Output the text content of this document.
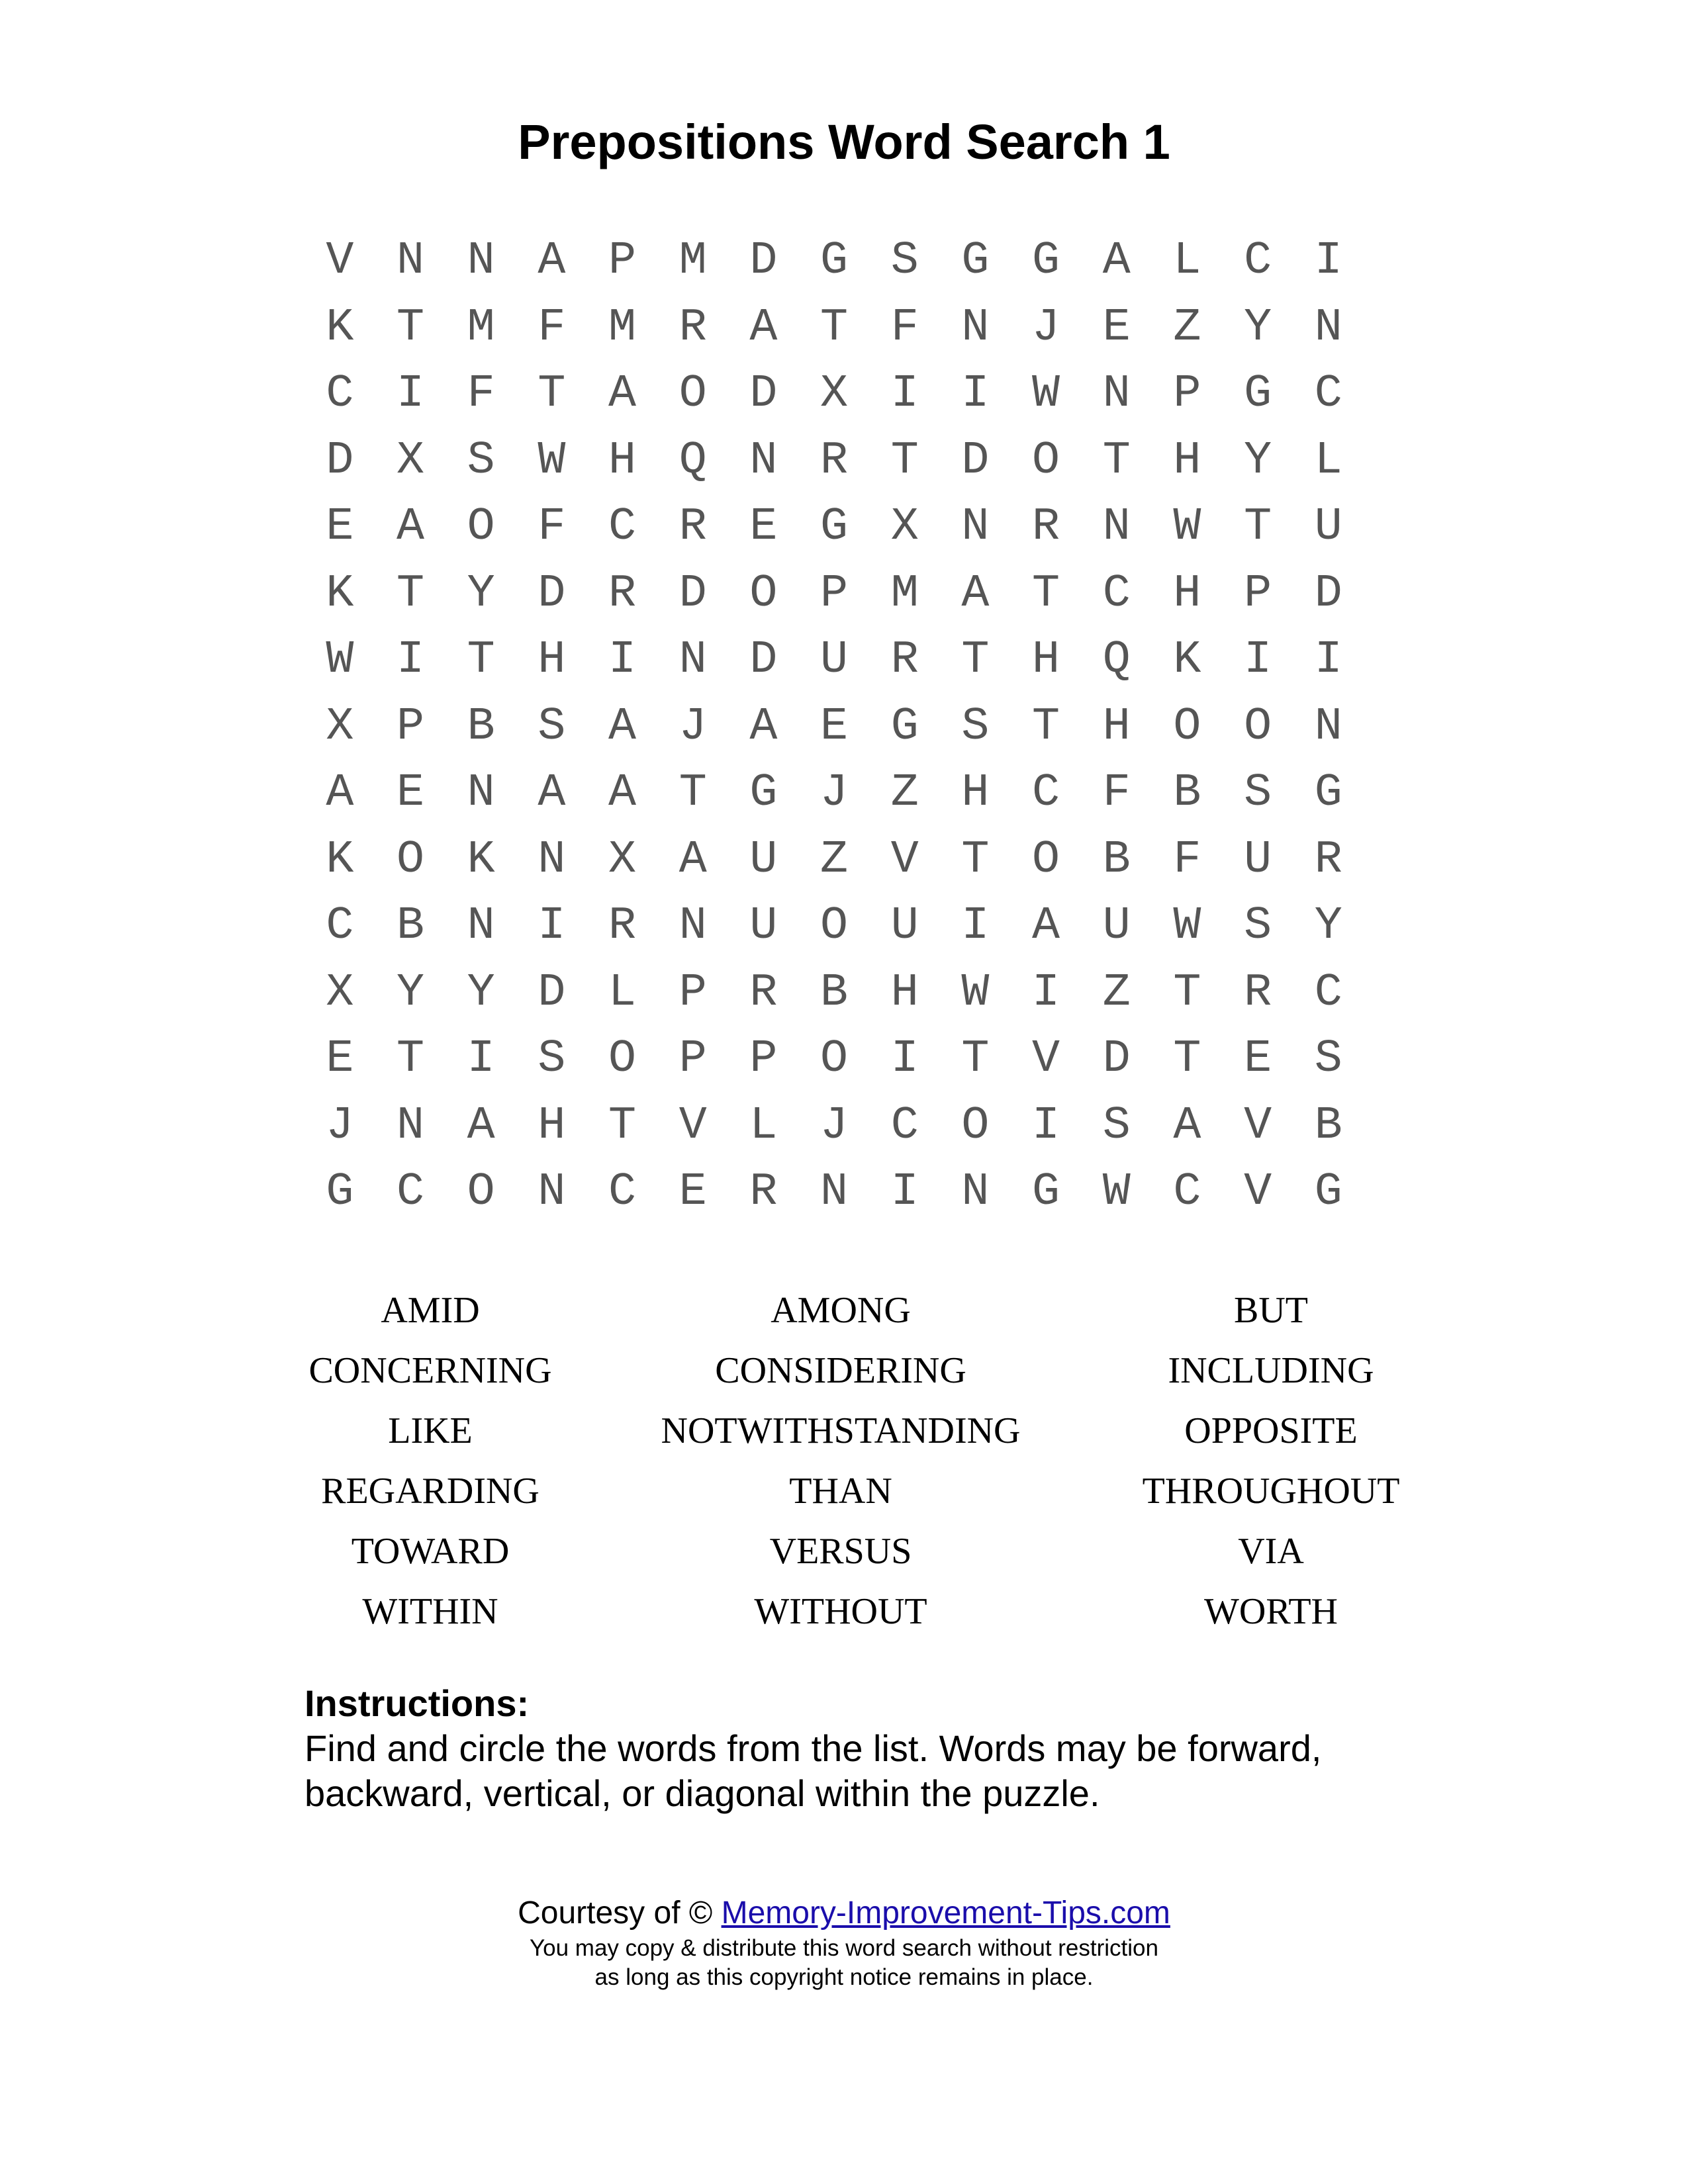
Prepositions Word Search 1
V N N A P M D G S G G A L C I
K T M F M R A T F N J E Z Y N
C I F T A O D X I I W N P G C
D X S W H Q N R T D O T H Y L
E A O F C R E G X N R N W T U
K T Y D R D O P M A T C H P D
W I T H I N D U R T H Q K I I
X P B S A J A E G S T H O O N
A E N A A T G J Z H C F B S G
K O K N X A U Z V T O B F U R
C B N I R N U O U I A U W S Y
X Y Y D L P R B H W I Z T R C
E T I S O P P O I T V D T E S
J N A H T V L J C O I S A V B
G C O N C E R N I N G W C V G
AMID	AMONG	BUT
CONCERNING	CONSIDERING	INCLUDING
LIKE	NOTWITHSTANDING	OPPOSITE
REGARDING	THAN	THROUGHOUT
TOWARD	VERSUS	VIA
WITHIN	WITHOUT	WORTH
Instructions:
Find and circle the words from the list. Words may be forward,
backward, vertical, or diagonal within the puzzle.
Courtesy of © Memory-Improvement-Tips.com
You may copy & distribute this word search without restriction
as long as this copyright notice remains in place.
